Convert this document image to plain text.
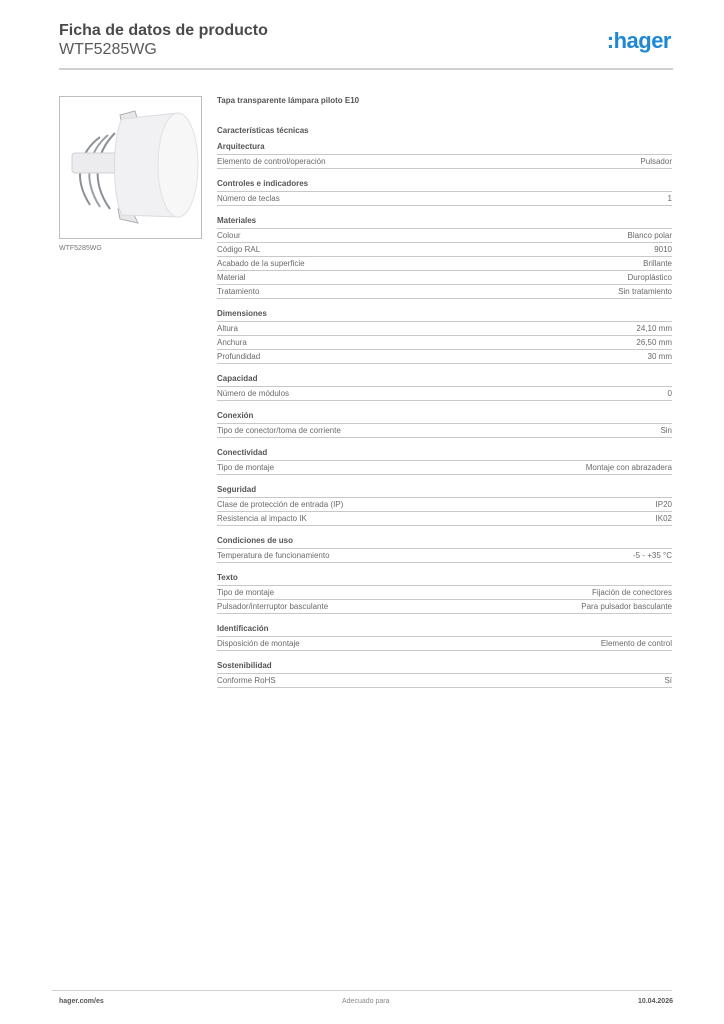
Ficha de datos de producto
WTF5285WG	:hager
WTF5285WG
Tapa transparente lámpara piloto E10
Características técnicas
Arquitectura
Elemento de control/operación	Pulsador
Controles e indicadores
Número de teclas	1
Materiales
Colour	Blanco polar
Código RAL	9010
Acabado de la superficie	Brillante
Material	Duroplástico
Tratamiento	Sin tratamiento
Dimensiones
Altura	24,10 mm
Anchura	26,50 mm
Profundidad	30 mm
Capacidad
Número de módulos	0
Conexión
Tipo de conector/toma de corriente	Sin
Conectividad
Tipo de montaje	Montaje con abrazadera
Seguridad
Clase de protección de entrada (IP)	IP20
Resistencia al impacto IK	IK02
Condiciones de uso
Temperatura de funcionamiento	-5 - +35 °C
Texto
Tipo de montaje	Fijación de conectores
Pulsador/interruptor basculante	Para pulsador basculante
Identificación
Disposición de montaje	Elemento de control
Sostenibilidad
Conforme RoHS	Sí
hager.com/es	Adecuado para	10.04.2026
